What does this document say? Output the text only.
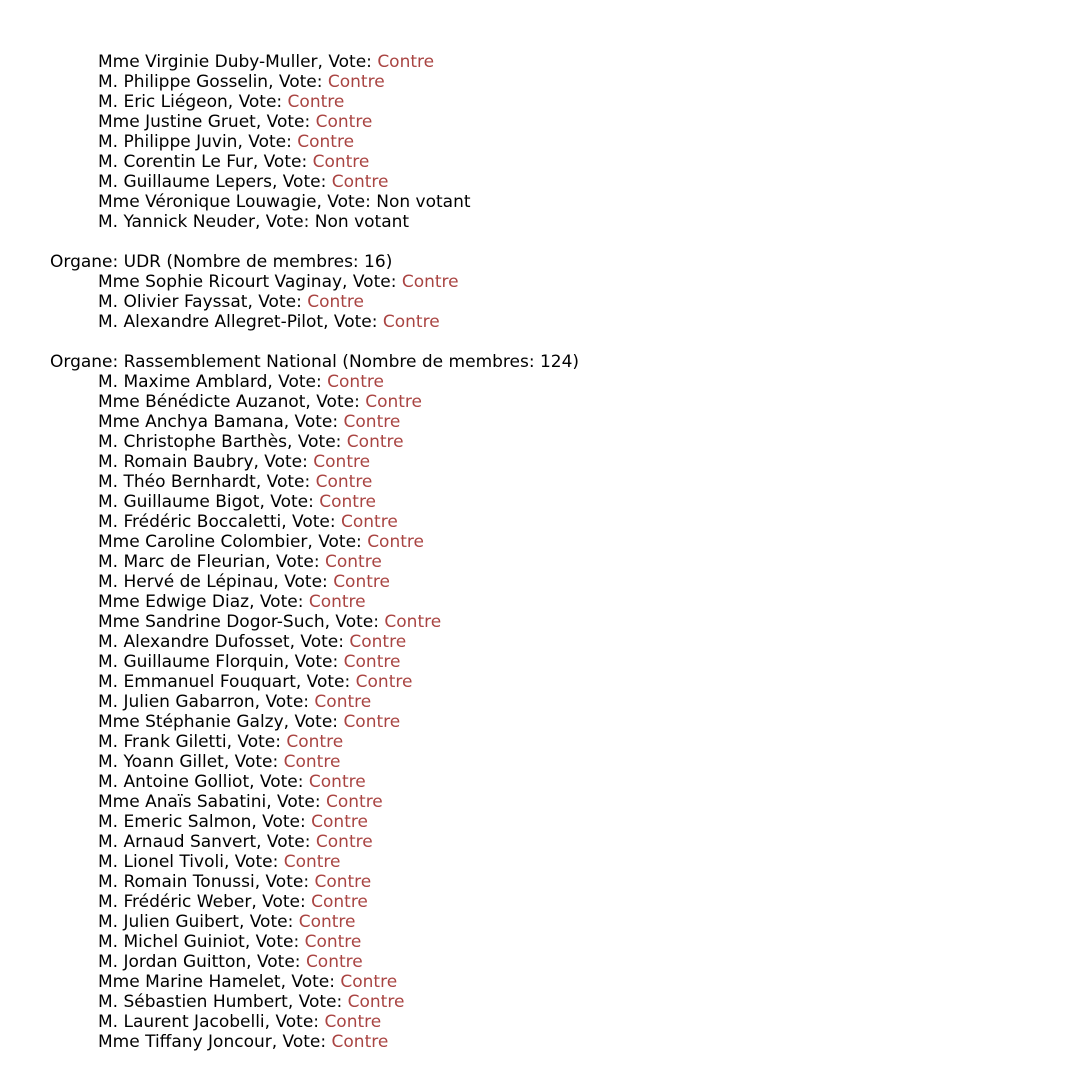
Mme Virginie Duby-Muller, Vote: Contre
M. Philippe Gosselin, Vote: Contre
M. Eric Liégeon, Vote: Contre
Mme Justine Gruet, Vote: Contre
M. Philippe Juvin, Vote: Contre
M. Corentin Le Fur, Vote: Contre
M. Guillaume Lepers, Vote: Contre
Mme Véronique Louwagie, Vote: Non votant
M. Yannick Neuder, Vote: Non votant
Organe: UDR (Nombre de membres: 16)
Mme Sophie Ricourt Vaginay, Vote: Contre
M. Olivier Fayssat, Vote: Contre
M. Alexandre Allegret-Pilot, Vote: Contre
Organe: Rassemblement National (Nombre de membres: 124)
M. Maxime Amblard, Vote: Contre
Mme Bénédicte Auzanot, Vote: Contre
Mme Anchya Bamana, Vote: Contre
M. Christophe Barthès, Vote: Contre
M. Romain Baubry, Vote: Contre
M. Théo Bernhardt, Vote: Contre
M. Guillaume Bigot, Vote: Contre
M. Frédéric Boccaletti, Vote: Contre
Mme Caroline Colombier, Vote: Contre
M. Marc de Fleurian, Vote: Contre
M. Hervé de Lépinau, Vote: Contre
Mme Edwige Diaz, Vote: Contre
Mme Sandrine Dogor-Such, Vote: Contre
M. Alexandre Dufosset, Vote: Contre
M. Guillaume Florquin, Vote: Contre
M. Emmanuel Fouquart, Vote: Contre
M. Julien Gabarron, Vote: Contre
Mme Stéphanie Galzy, Vote: Contre
M. Frank Giletti, Vote: Contre
M. Yoann Gillet, Vote: Contre
M. Antoine Golliot, Vote: Contre
Mme Anaïs Sabatini, Vote: Contre
M. Emeric Salmon, Vote: Contre
M. Arnaud Sanvert, Vote: Contre
M. Lionel Tivoli, Vote: Contre
M. Romain Tonussi, Vote: Contre
M. Frédéric Weber, Vote: Contre
M. Julien Guibert, Vote: Contre
M. Michel Guiniot, Vote: Contre
M. Jordan Guitton, Vote: Contre
Mme Marine Hamelet, Vote: Contre
M. Sébastien Humbert, Vote: Contre
M. Laurent Jacobelli, Vote: Contre
Mme Tiffany Joncour, Vote: Contre
